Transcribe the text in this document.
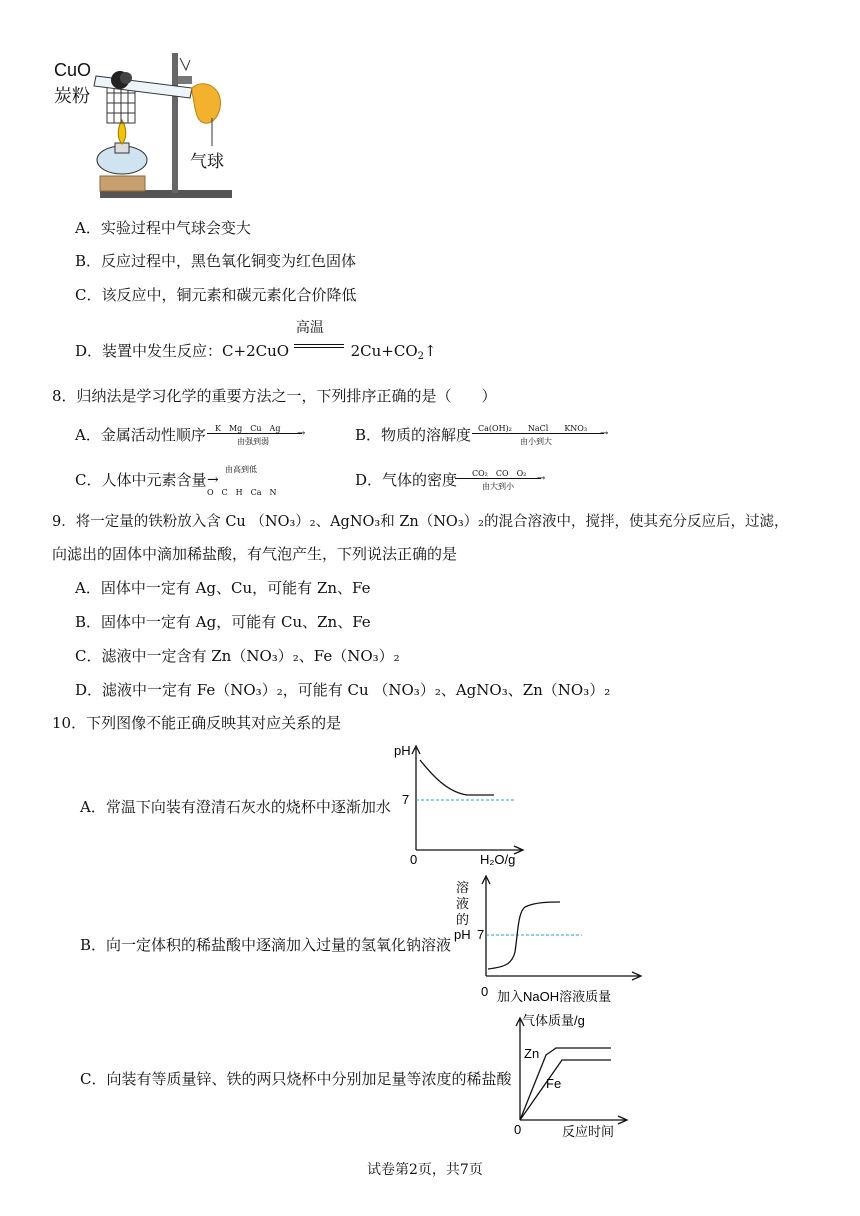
CuO
炭粉
气球
A．实验过程中气球会变大
B．反应过程中，黑色氧化铜变为红色固体
C．该反应中，铜元素和碳元素化合价降低
D．装置中发生反应：C+2CuO
高温
$2Cu+CO_2↑$
8．归纳法是学习化学的重要方法之一，下列排序正确的是（　　）
A．金属活动性顺序 K　Mg　Cu　Ag →
由强到弱	B．物质的溶解度 Ca(OH)₂　　NaCl　　KNO₃ →
由小到大
C．人体中元素含量
由高到低
→
O　C　H　Ca　N
D．气体的密度 CO₂　CO　O₂ →
由大到小
9．将一定量的铁粉放入含 Cu （NO₃）₂、AgNO₃和 Zn（NO₃）₂的混合溶液中，搅拌，使其充分反应后，过滤，
向滤出的固体中滴加稀盐酸，有气泡产生，下列说法正确的是
A．固体中一定有 Ag、Cu，可能有 Zn、Fe
B．固体中一定有 Ag，可能有 Cu、Zn、Fe
C．滤液中一定含有 Zn（NO₃）₂、Fe（NO₃）₂
D．滤液中一定有 Fe（NO₃）₂，可能有 Cu （NO₃）₂、AgNO₃、Zn（NO₃）₂
10．下列图像不能正确反映其对应关系的是
A．常温下向装有澄清石灰水的烧杯中逐渐加水
pH
7
0	H₂O/g
B．向一定体积的稀盐酸中逐滴加入过量的氢氧化钠溶液
溶
液
的
pH 7
0 加入NaOH溶液质量
C．向装有等质量锌、铁的两只烧杯中分别加足量等浓度的稀盐酸
气体质量/g
Zn
Fe
0	反应时间
试卷第2页，共7页
